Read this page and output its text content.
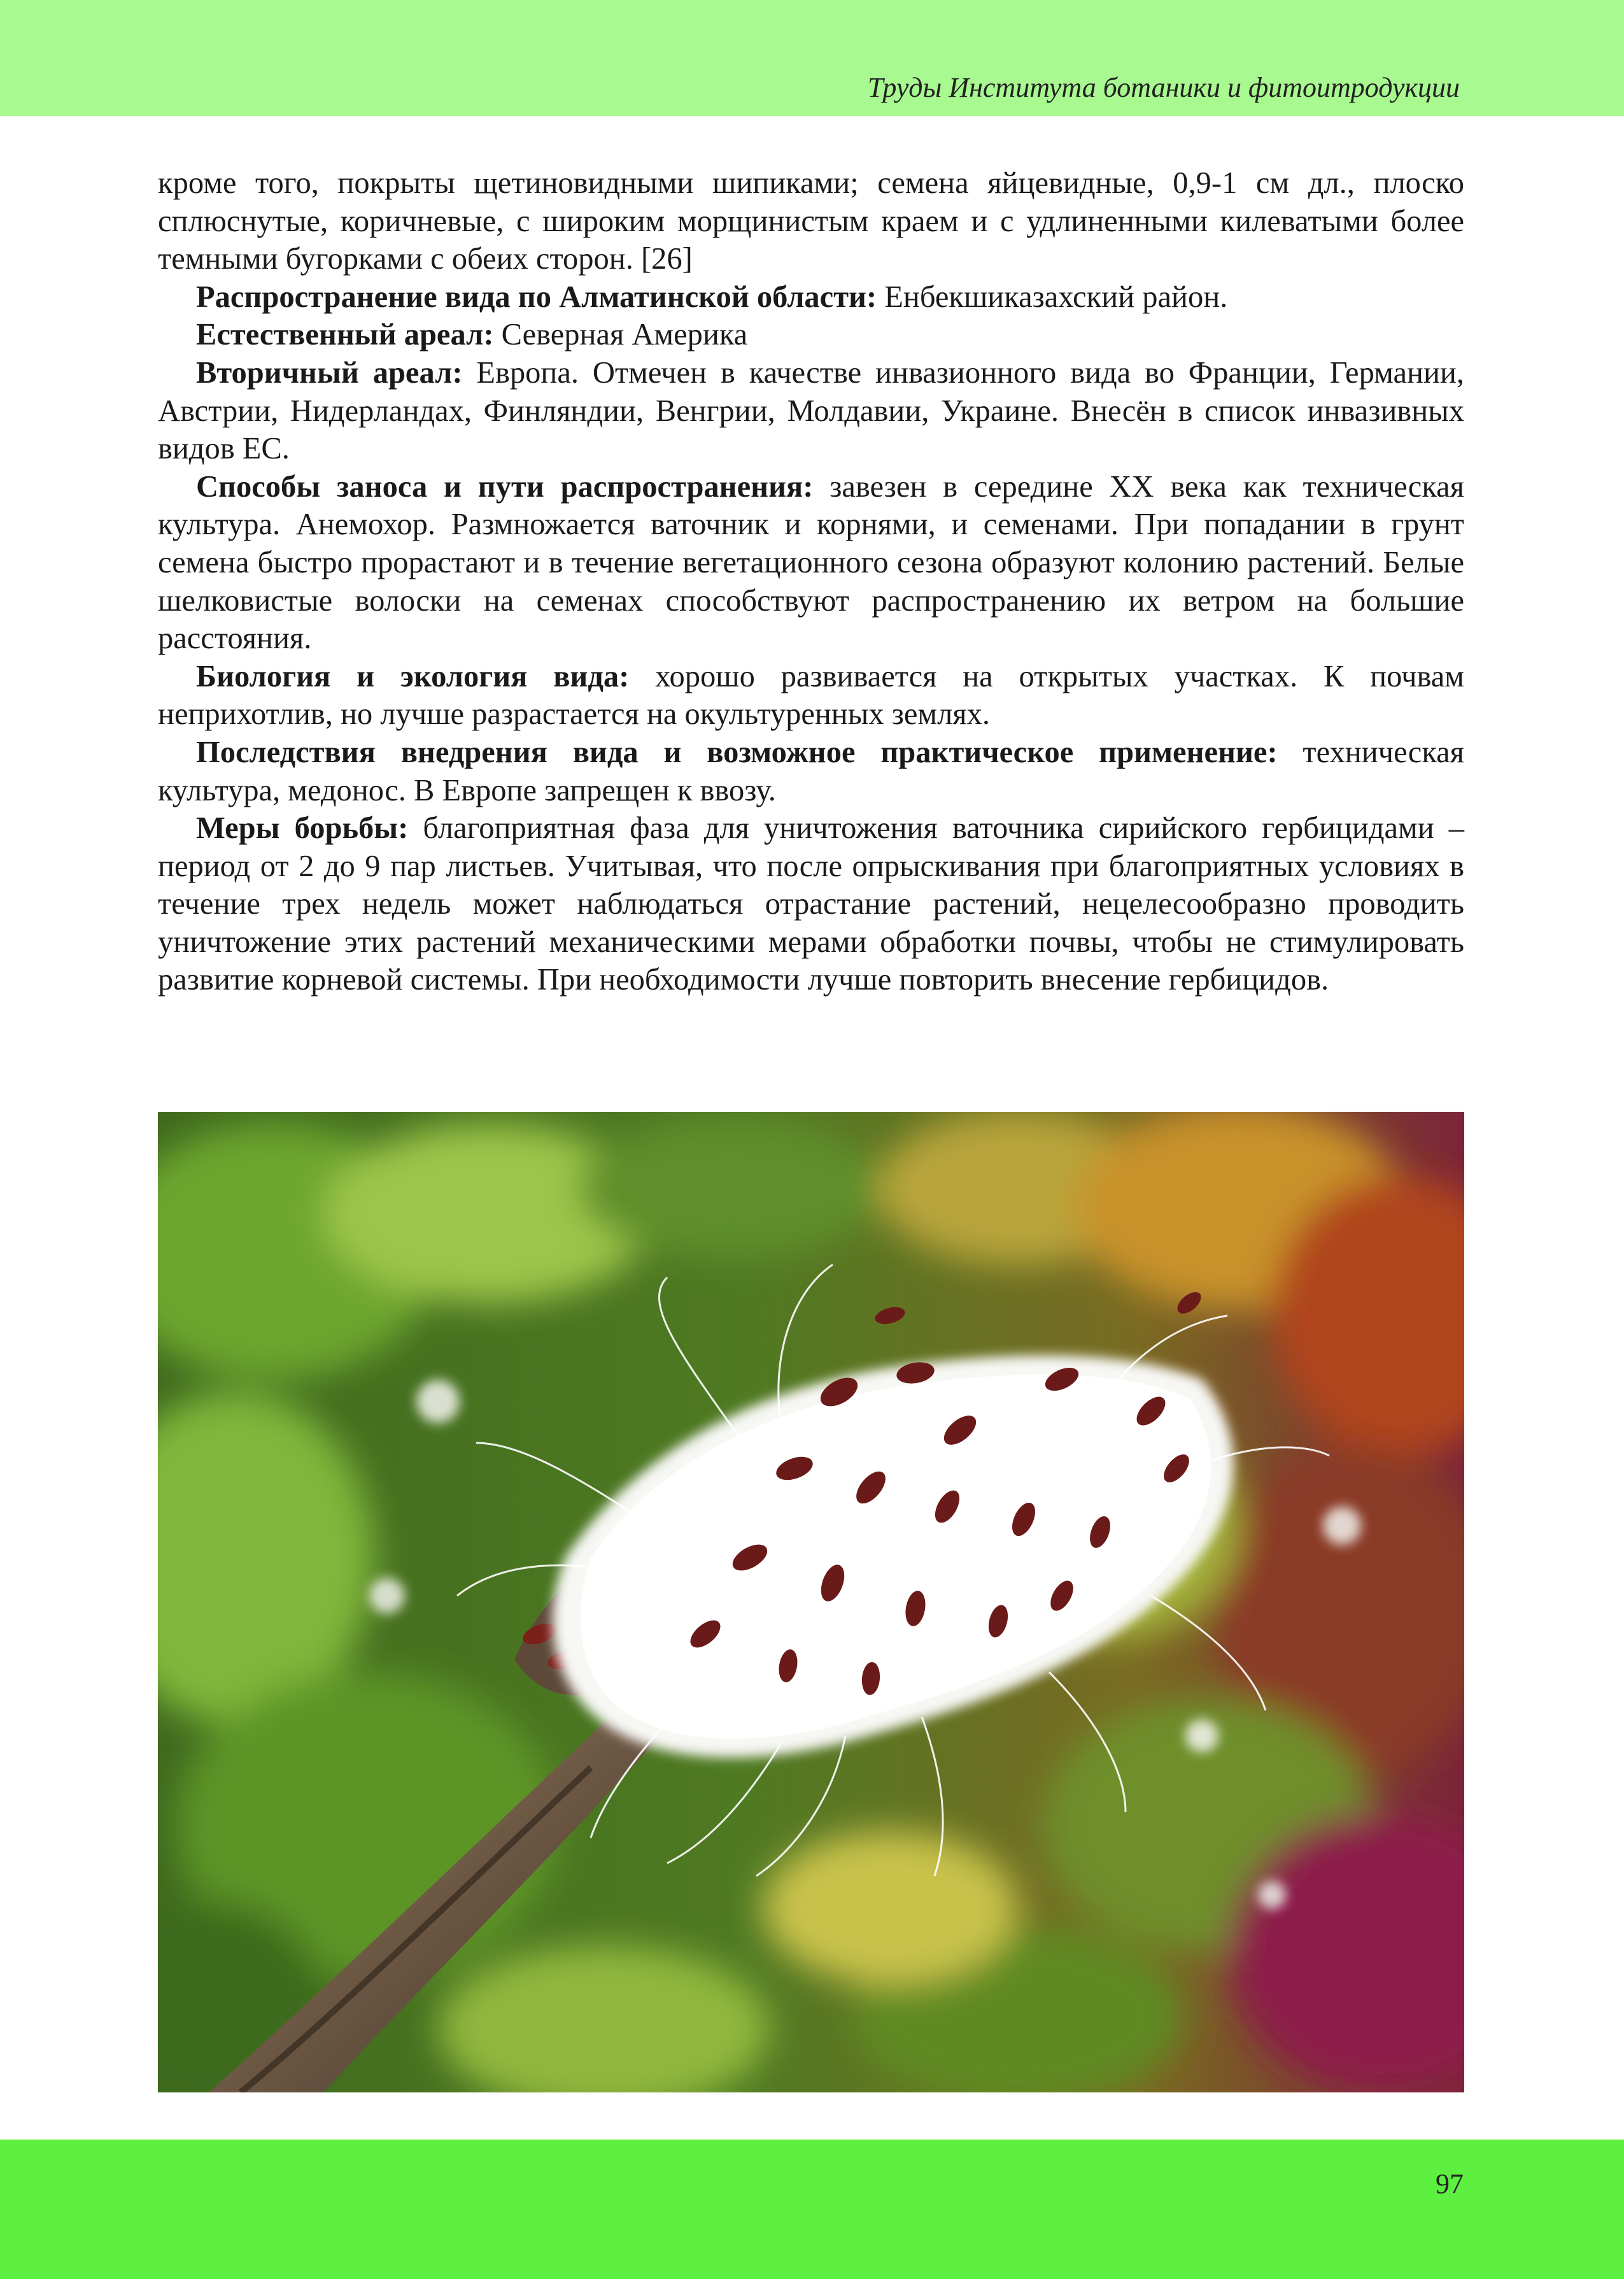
Труды Института ботаники и фитоитродукции

кроме того, покрыты щетиновидными шипиками; семена яйцевидные, 0,9-1 см дл., плоско сплюснутые, коричневые, с широким морщинистым краем и с удлиненными килеватыми более темными бугорками с обеих сторон. [26]

Распространение вида по Алматинской области: Енбекшиказахский район.

Естественный ареал: Северная Америка

Вторичный ареал: Европа. Отмечен в качестве инвазионного вида во Франции, Германии, Австрии, Нидерландах, Финляндии, Венгрии, Молдавии, Украине. Внесён в список инвазивных видов ЕС.

Способы заноса и пути распространения: завезен в середине XX века как техническая культура. Анемохор. Размножается ваточник и корнями, и семенами. При попадании в грунт семена быстро прорастают и в течение вегетационного сезона образуют колонию растений. Белые шелковистые волоски на семенах способствуют распространению их ветром на большие расстояния.

Биология и экология вида: хорошо развивается на открытых участках. К почвам неприхотлив, но лучше разрастается на окультуренных землях.

Последствия внедрения вида и возможное практическое применение: техническая культура, медонос. В Европе запрещен к ввозу.

Меры борьбы: благоприятная фаза для уничтожения ваточника сирийского гербицидами – период от 2 до 9 пар листьев. Учитывая, что после опрыскивания при благоприятных условиях в течение трех недель может наблюдаться отрастание растений, нецелесообразно проводить уничтожение этих растений механическими мерами обработки почвы, чтобы не стимулировать развитие корневой системы. При необходимости лучше повторить внесение гербицидов.

97
